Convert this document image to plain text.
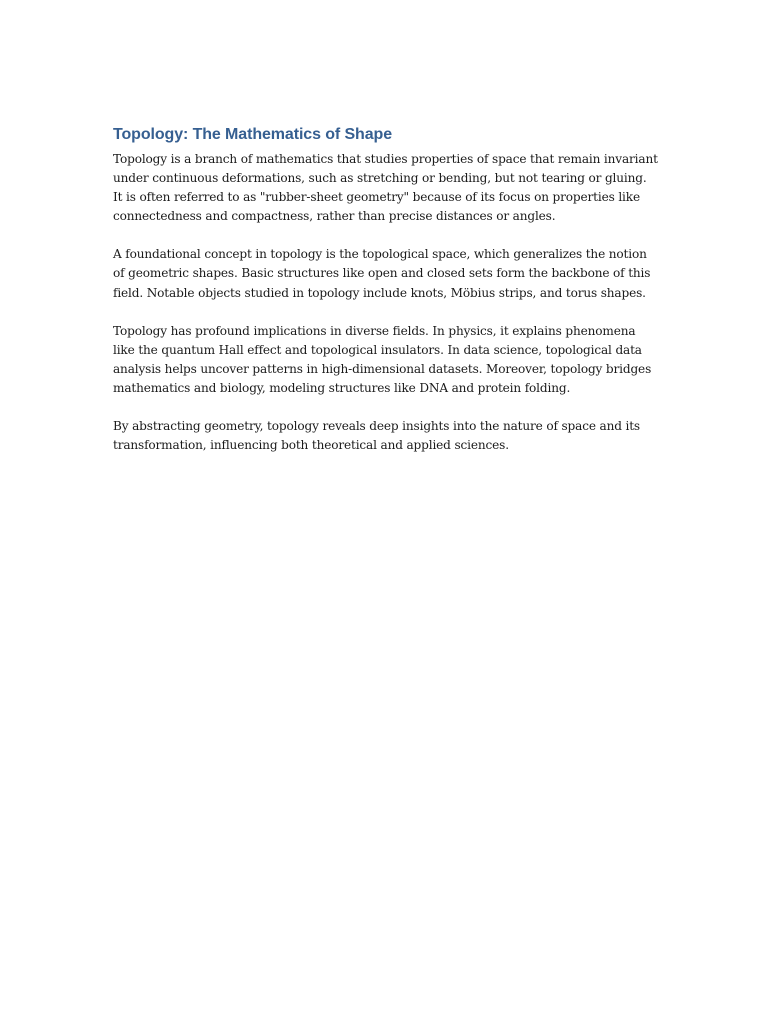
Topology: The Mathematics of Shape

Topology is a branch of mathematics that studies properties of space that remain invariant under continuous deformations, such as stretching or bending, but not tearing or gluing. It is often referred to as "rubber-sheet geometry" because of its focus on properties like connectedness and compactness, rather than precise distances or angles.

A foundational concept in topology is the topological space, which generalizes the notion of geometric shapes. Basic structures like open and closed sets form the backbone of this field. Notable objects studied in topology include knots, Möbius strips, and torus shapes.

Topology has profound implications in diverse fields. In physics, it explains phenomena like the quantum Hall effect and topological insulators. In data science, topological data analysis helps uncover patterns in high-dimensional datasets. Moreover, topology bridges mathematics and biology, modeling structures like DNA and protein folding.

By abstracting geometry, topology reveals deep insights into the nature of space and its transformation, influencing both theoretical and applied sciences.
